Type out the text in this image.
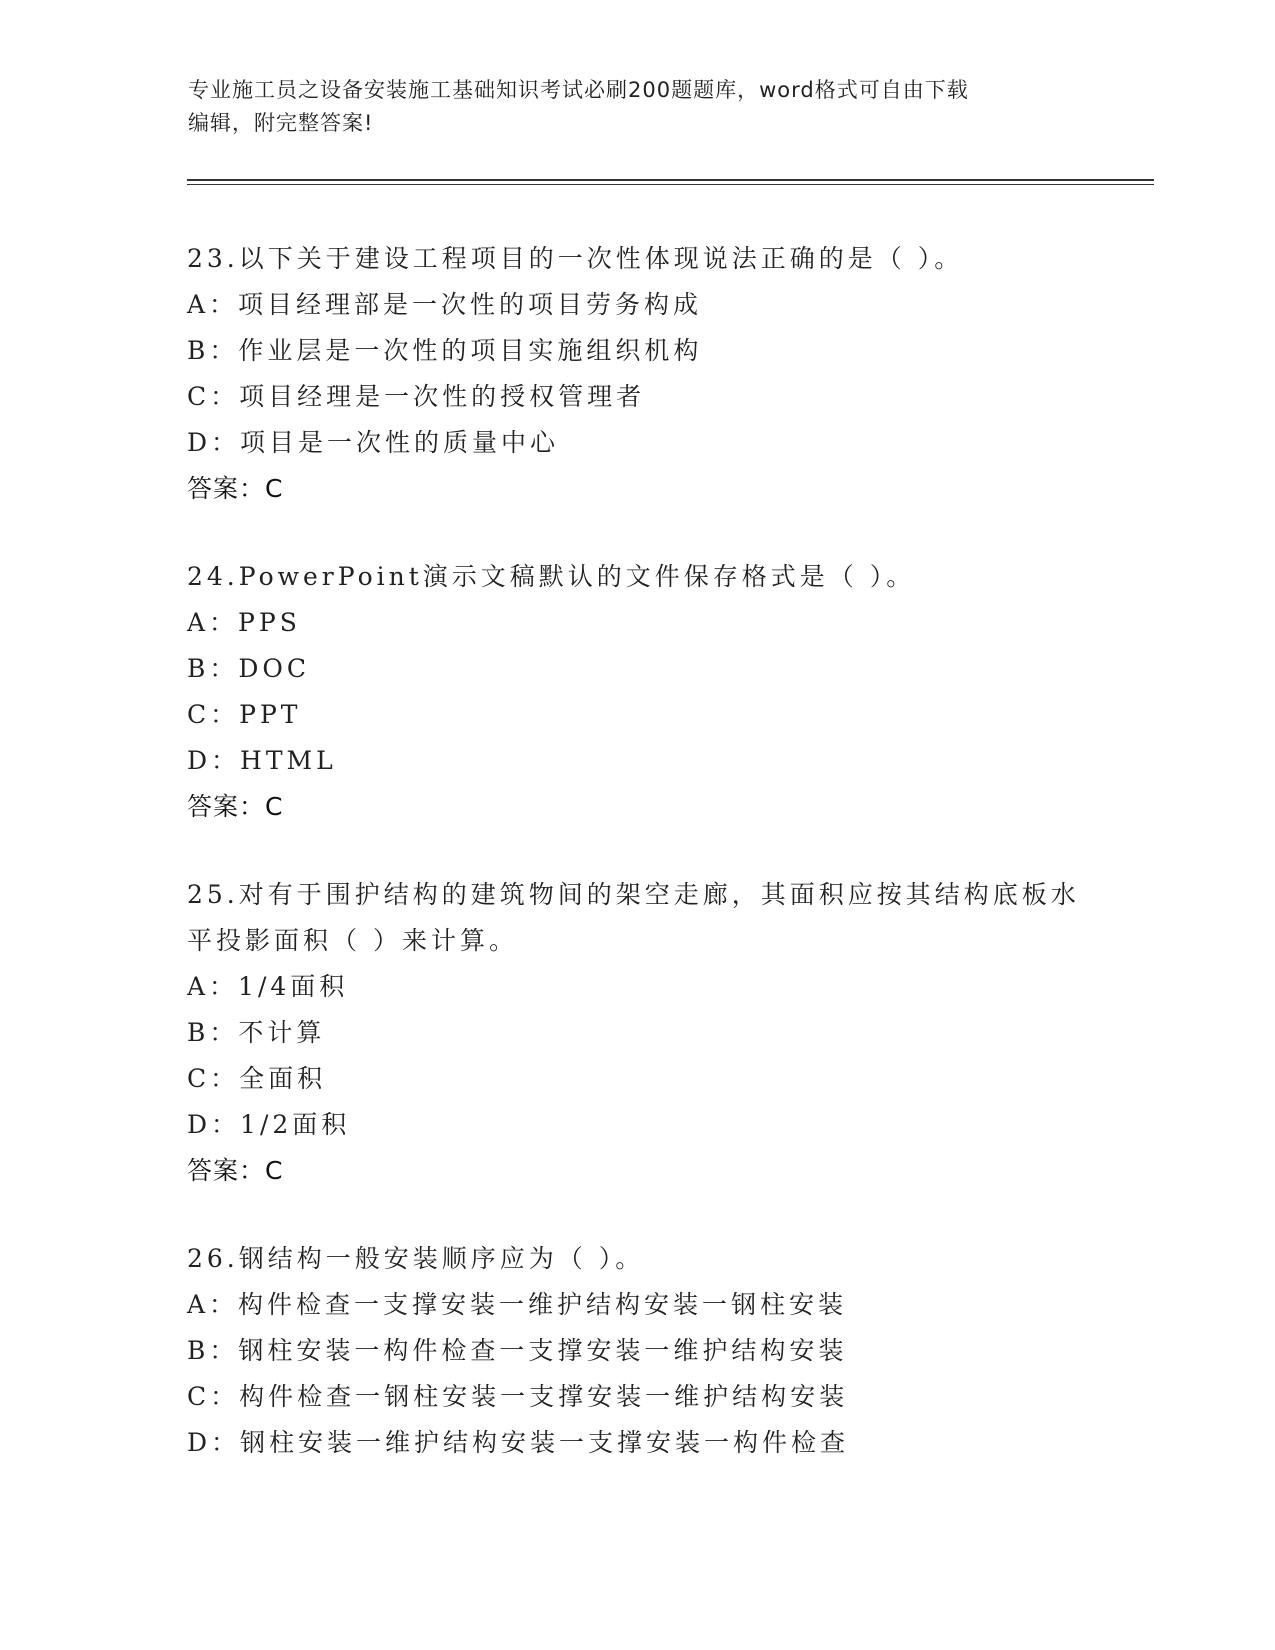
专业施工员之设备安装施工基础知识考试必刷200题题库，word格式可自由下载
编辑，附完整答案!
23.以下关于建设工程项目的一次性体现说法正确的是（ ）。
A：项目经理部是一次性的项目劳务构成
B：作业层是一次性的项目实施组织机构
C：项目经理是一次性的授权管理者
D：项目是一次性的质量中心
答案：C
24.PowerPoint演示文稿默认的文件保存格式是（ ）。
A：PPS
B：DOC
C：PPT
D：HTML
答案：C
25.对有于围护结构的建筑物间的架空走廊，其面积应按其结构底板水平投影面积（ ）来计算。
A：1/4面积
B：不计算
C：全面积
D：1/2面积
答案：C
26.钢结构一般安装顺序应为（ ）。
A：构件检查一支撑安装一维护结构安装一钢柱安装
B：钢柱安装一构件检查一支撑安装一维护结构安装
C：构件检查一钢柱安装一支撑安装一维护结构安装
D：钢柱安装一维护结构安装一支撑安装一构件检查
